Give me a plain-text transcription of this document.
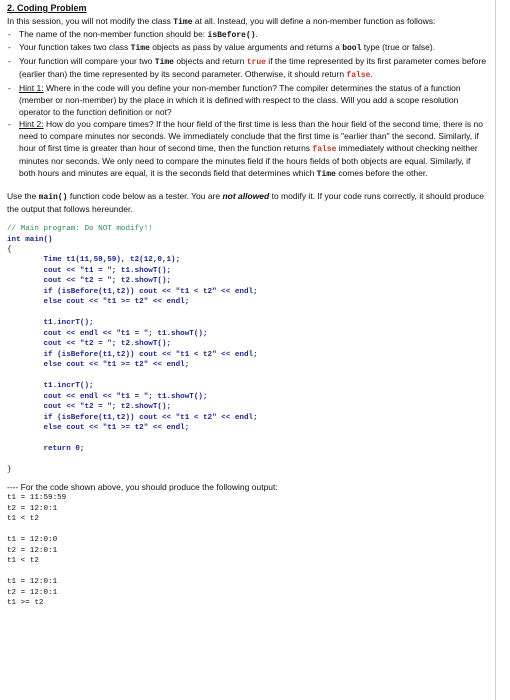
2. Coding Problem

In this session, you will not modify the class Time at all. Instead, you will define a non-member function as follows:

- The name of the non-member function should be: isBefore().
- Your function takes two class Time objects as pass by value arguments and returns a bool type (true or false).
- Your function will compare your two Time objects and return true if the time represented by its first parameter comes before (earlier than) the time represented by its second parameter. Otherwise, it should return false.
- Hint 1: Where in the code will you define your non-member function? The compiler determines the status of a function (member or non-member) by the place in which it is defined with respect to the class. Will you add a scope resolution operator to the function definition or not?
- Hint 2: How do you compare times? If the hour field of the first time is less than the hour field of the second time, there is no need to compare minutes nor seconds. We immediately conclude that the first time is "earlier than" the second. Similarly, if hour of first time is greater than hour of second time, then the function returns false immediately without checking neither minutes nor seconds. We only need to compare the minutes field if the hours fields of both objects are equal. Similarly, if both hours and minutes are equal, it is the seconds field that determines which Time comes before the other.

Use the main() function code below as a tester. You are not allowed to modify it. If your code runs correctly, it should produce the output that follows hereunder.

// Main program: Do NOT modify!!
int main()
{
Time t1(11,59,59), t2(12,0,1);
cout << "t1 = "; t1.showT();
cout << "t2 = "; t2.showT();
if (isBefore(t1,t2)) cout << "t1 < t2" << endl;
else cout << "t1 >= t2" << endl;

t1.incrT();
cout << endl << "t1 = "; t1.showT();
cout << "t2 = "; t2.showT();
if (isBefore(t1,t2)) cout << "t1 < t2" << endl;
else cout << "t1 >= t2" << endl;

t1.incrT();
cout << endl << "t1 = "; t1.showT();
cout << "t2 = "; t2.showT();
if (isBefore(t1,t2)) cout << "t1 < t2" << endl;
else cout << "t1 >= t2" << endl;

return 0;

}

---- For the code shown above, you should produce the following output:

t1 = 11:59:59
t2 = 12:0:1
t1 < t2

t1 = 12:0:0
t2 = 12:0:1
t1 < t2

t1 = 12:0:1
t2 = 12:0:1
t1 >= t2
